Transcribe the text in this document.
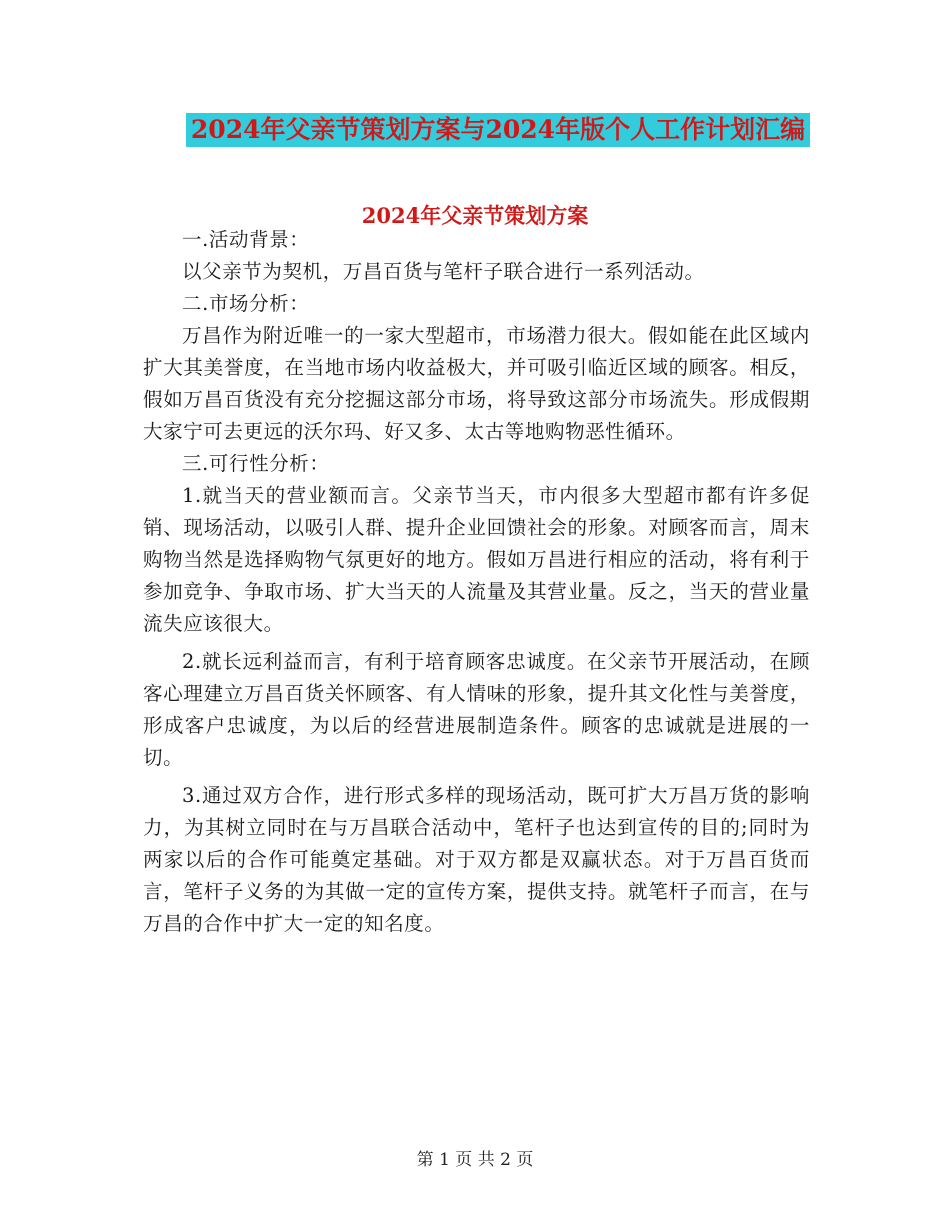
2024年父亲节策划方案与2024年版个人工作计划汇编
2024年父亲节策划方案

一.活动背景：

以父亲节为契机，万昌百货与笔杆子联合进行一系列活动。

二.市场分析：

万昌作为附近唯一的一家大型超市，市场潜力很大。假如能在此区域内扩大其美誉度，在当地市场内收益极大，并可吸引临近区域的顾客。相反，假如万昌百货没有充分挖掘这部分市场，将导致这部分市场流失。形成假期大家宁可去更远的沃尔玛、好又多、太古等地购物恶性循环。

三.可行性分析：

1.就当天的营业额而言。父亲节当天，市内很多大型超市都有许多促销、现场活动，以吸引人群、提升企业回馈社会的形象。对顾客而言，周末购物当然是选择购物气氛更好的地方。假如万昌进行相应的活动，将有利于参加竞争、争取市场、扩大当天的人流量及其营业量。反之，当天的营业量流失应该很大。

2.就长远利益而言，有利于培育顾客忠诚度。在父亲节开展活动，在顾客心理建立万昌百货关怀顾客、有人情味的形象，提升其文化性与美誉度，形成客户忠诚度，为以后的经营进展制造条件。顾客的忠诚就是进展的一切。

3.通过双方合作，进行形式多样的现场活动，既可扩大万昌万货的影响力，为其树立同时在与万昌联合活动中，笔杆子也达到宣传的目的;同时为两家以后的合作可能奠定基础。对于双方都是双赢状态。对于万昌百货而言，笔杆子义务的为其做一定的宣传方案，提供支持。就笔杆子而言，在与万昌的合作中扩大一定的知名度。

第 1 页 共 2 页
